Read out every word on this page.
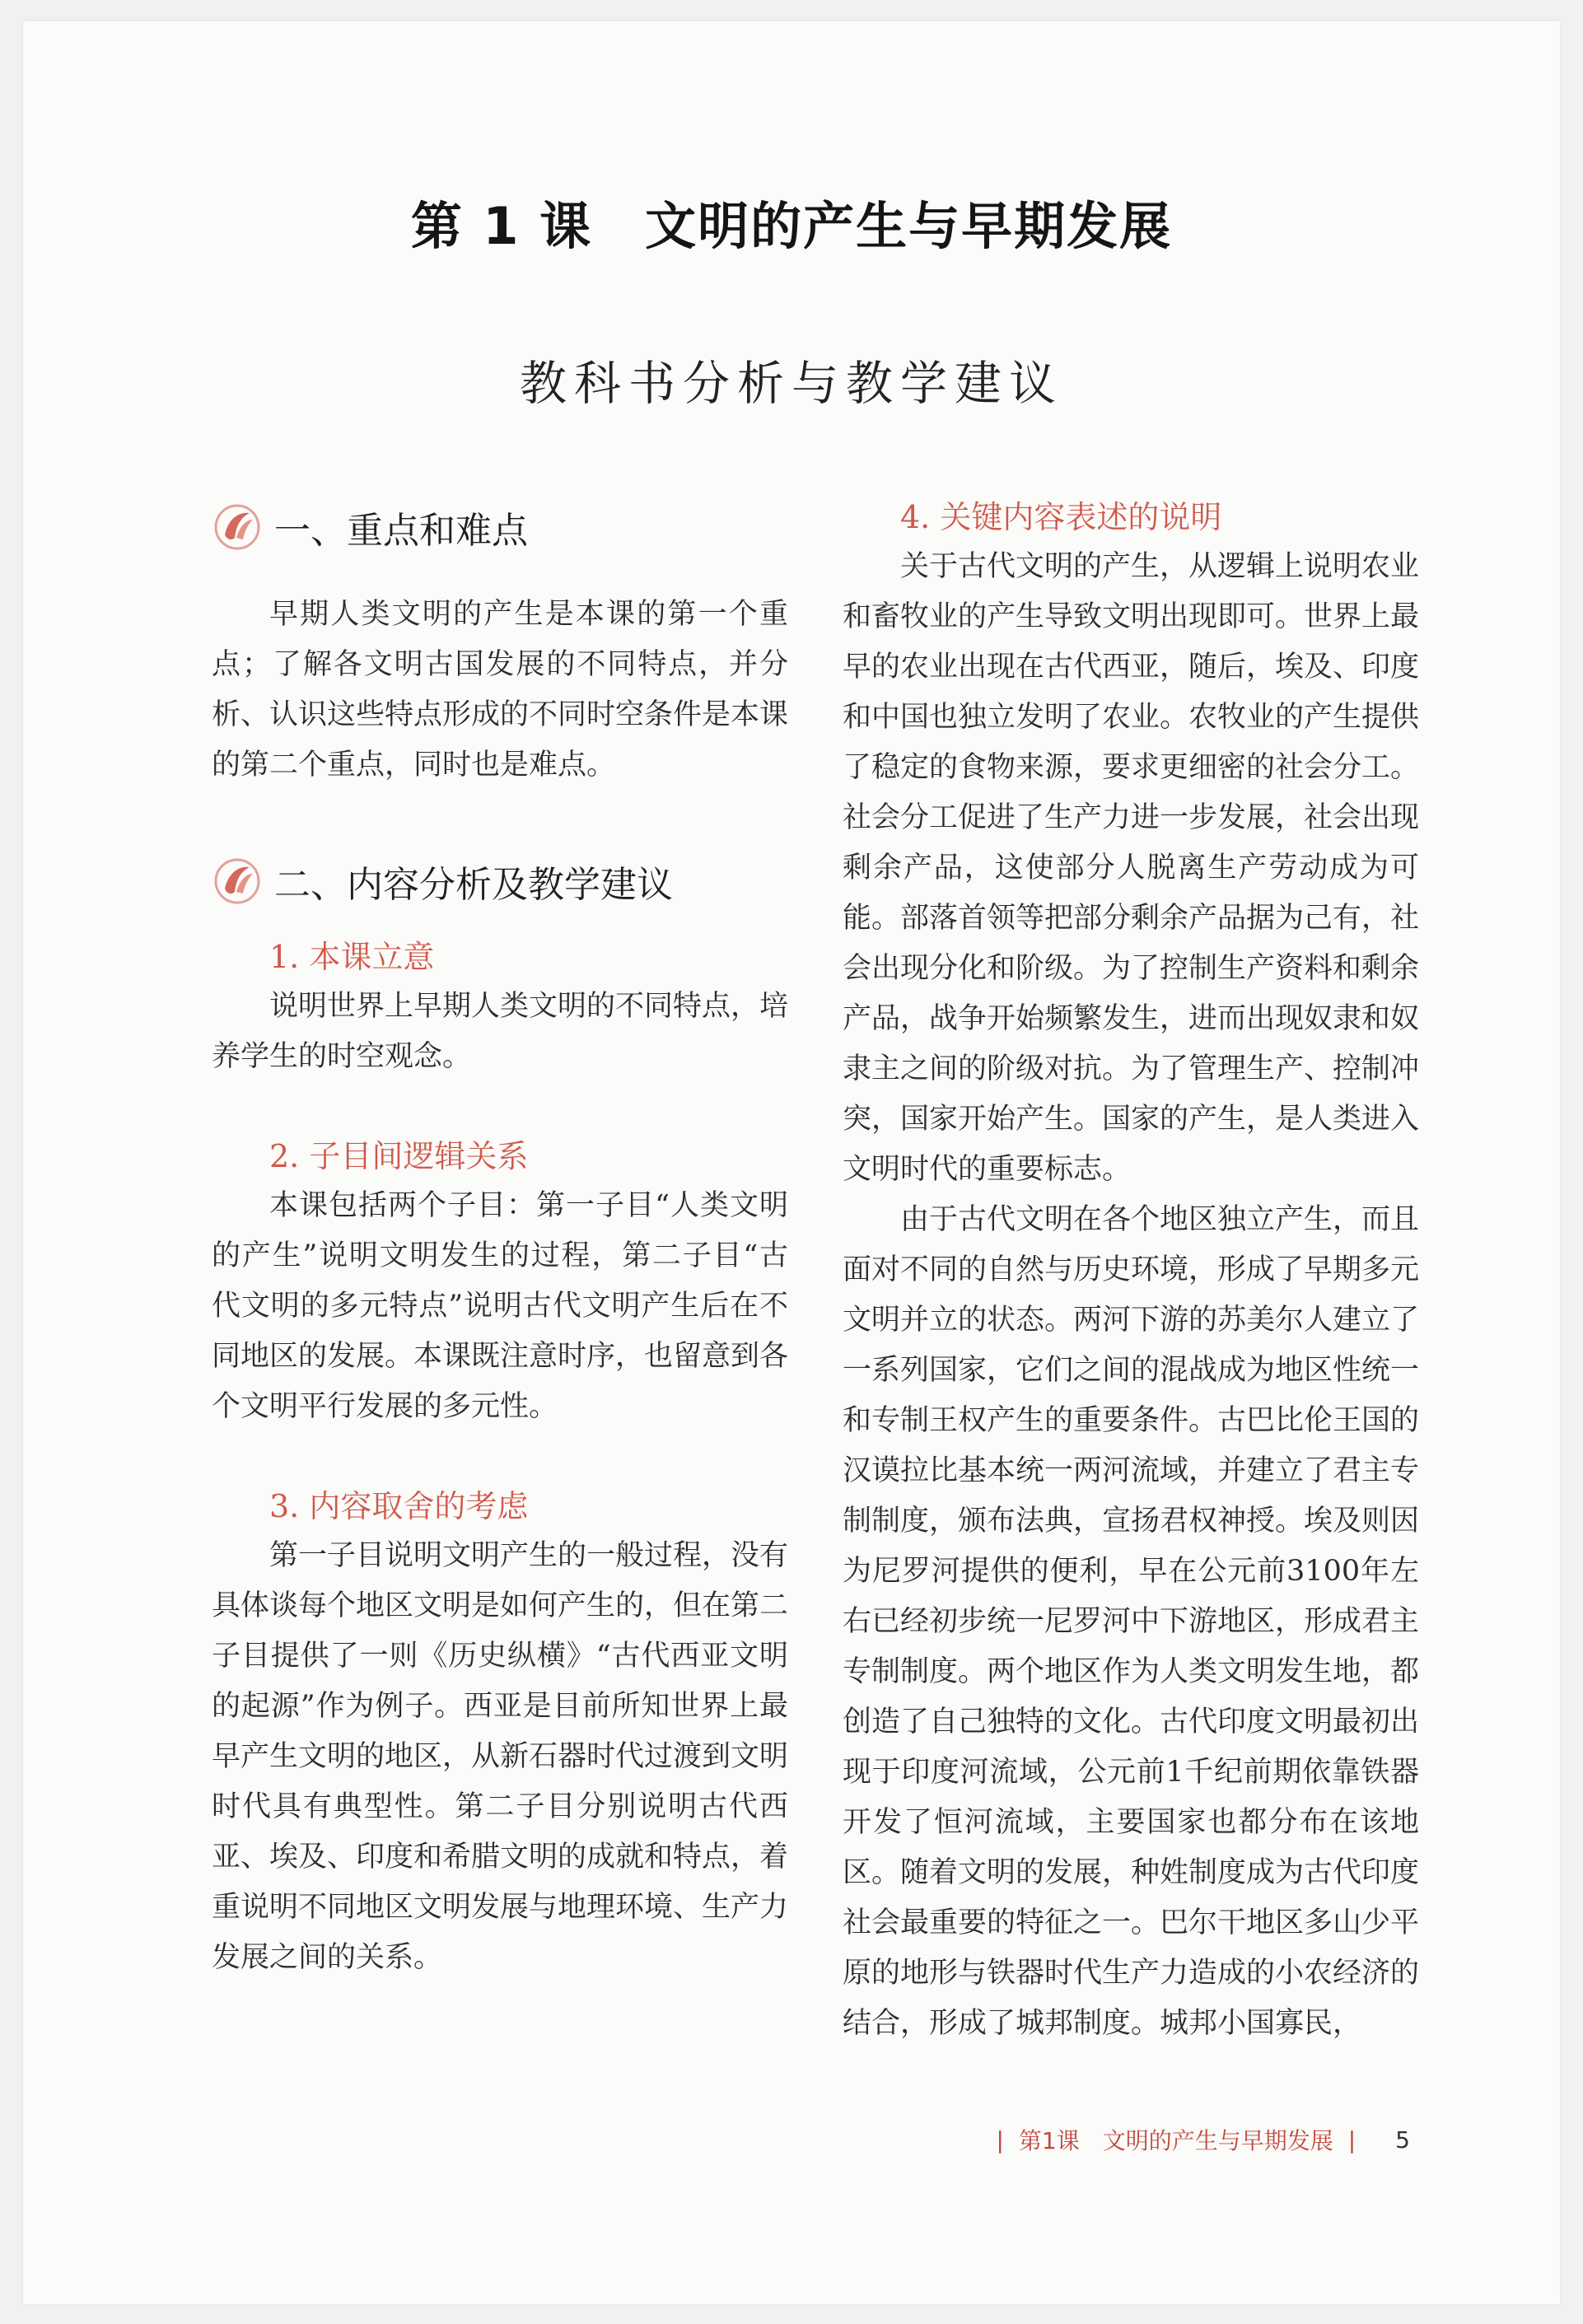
第 1 课　文明的产生与早期发展
教科书分析与教学建议
一、重点和难点

早期人类文明的产生是本课的第一个重点；了解各文明古国发展的不同特点，并分析、认识这些特点形成的不同时空条件是本课的第二个重点，同时也是难点。

二、内容分析及教学建议
1. 本课立意

说明世界上早期人类文明的不同特点，培养学生的时空观念。

2. 子目间逻辑关系

本课包括两个子目：第一子目“人类文明的产生”说明文明发生的过程，第二子目“古代文明的多元特点”说明古代文明产生后在不同地区的发展。本课既注意时序，也留意到各个文明平行发展的多元性。

3. 内容取舍的考虑

第一子目说明文明产生的一般过程，没有具体谈每个地区文明是如何产生的，但在第二子目提供了一则《历史纵横》“古代西亚文明的起源”作为例子。西亚是目前所知世界上最早产生文明的地区，从新石器时代过渡到文明时代具有典型性。第二子目分别说明古代西亚、埃及、印度和希腊文明的成就和特点，着重说明不同地区文明发展与地理环境、生产力发展之间的关系。

4. 关键内容表述的说明

关于古代文明的产生，从逻辑上说明农业和畜牧业的产生导致文明出现即可。世界上最早的农业出现在古代西亚，随后，埃及、印度和中国也独立发明了农业。农牧业的产生提供了稳定的食物来源，要求更细密的社会分工。社会分工促进了生产力进一步发展，社会出现剩余产品，这使部分人脱离生产劳动成为可能。部落首领等把部分剩余产品据为己有，社会出现分化和阶级。为了控制生产资料和剩余产品，战争开始频繁发生，进而出现奴隶和奴隶主之间的阶级对抗。为了管理生产、控制冲突，国家开始产生。国家的产生，是人类进入文明时代的重要标志。

由于古代文明在各个地区独立产生，而且面对不同的自然与历史环境，形成了早期多元文明并立的状态。两河下游的苏美尔人建立了一系列国家，它们之间的混战成为地区性统一和专制王权产生的重要条件。古巴比伦王国的汉谟拉比基本统一两河流域，并建立了君主专制制度，颁布法典，宣扬君权神授。埃及则因为尼罗河提供的便利，早在公元前3100年左右已经初步统一尼罗河中下游地区，形成君主专制制度。两个地区作为人类文明发生地，都创造了自己独特的文化。古代印度文明最初出现于印度河流域，公元前1千纪前期依靠铁器开发了恒河流域，主要国家也都分布在该地区。随着文明的发展，种姓制度成为古代印度社会最重要的特征之一。巴尔干地区多山少平原的地形与铁器时代生产力造成的小农经济的结合，形成了城邦制度。城邦小国寡民，

| 第1课　文明的产生与早期发展 | 5
